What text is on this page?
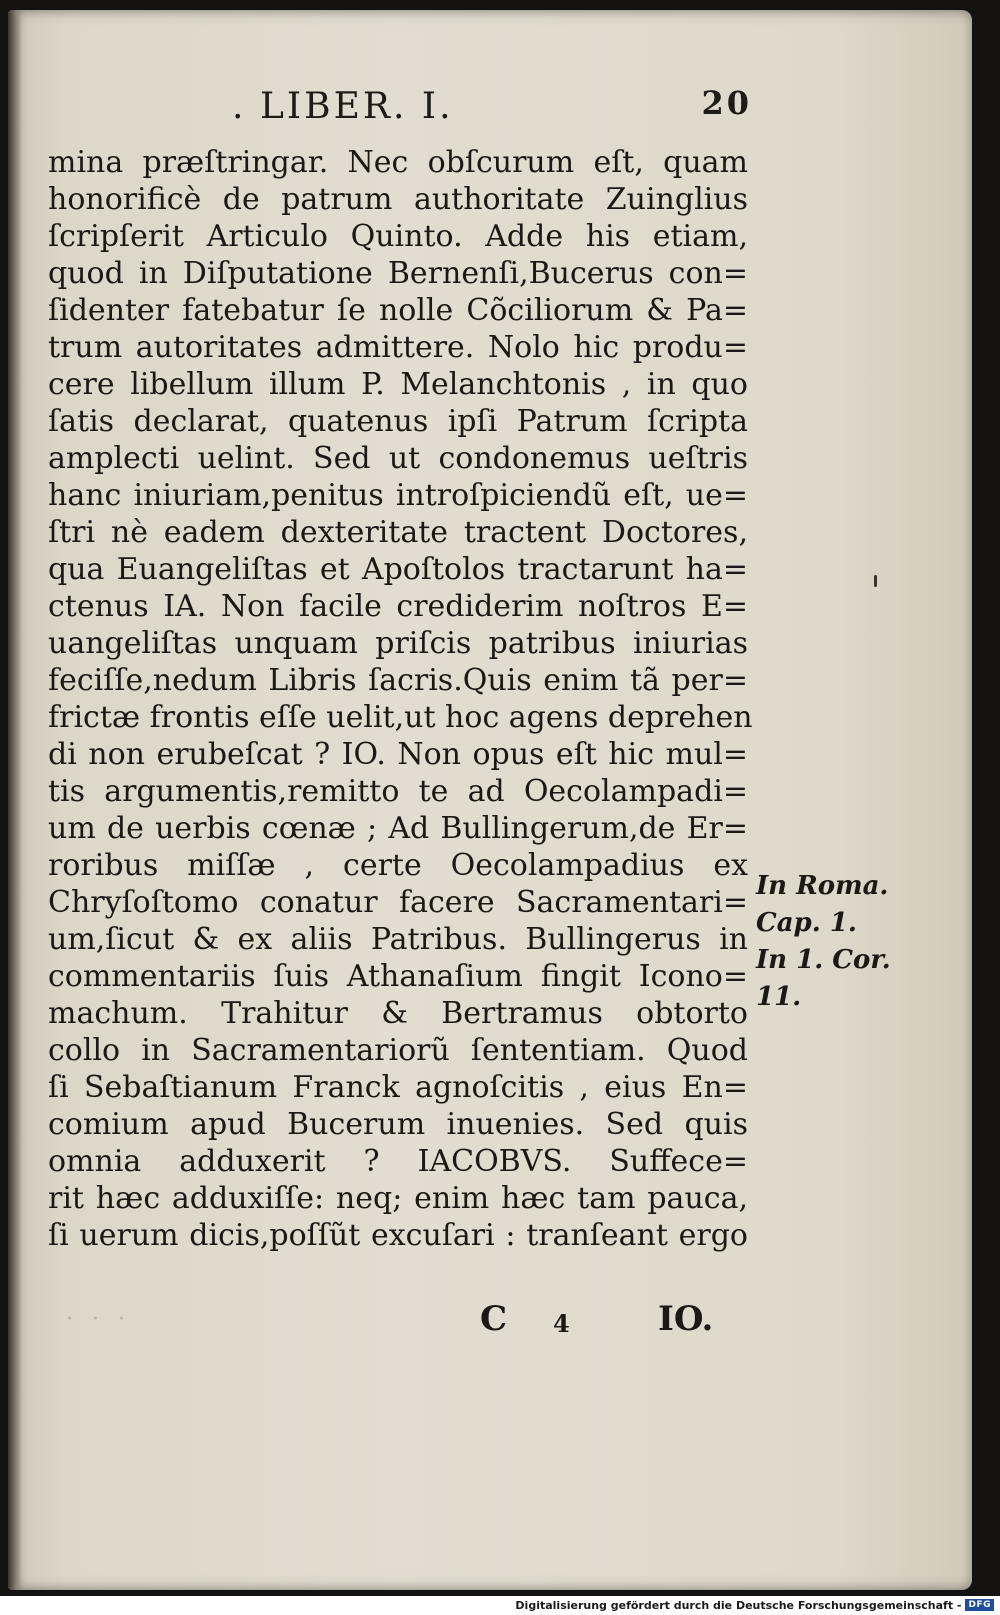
. LIBER. I.	20
mina præſtringar. Nec obſcurum eſt, quam
honorificè de patrum authoritate Zuinglius
ſcripſerit Articulo Quinto. Adde his etiam,
quod in Diſputatione Bernenſi,Bucerus con=
ſidenter fatebatur ſe nolle Cõciliorum & Pa=
trum autoritates admittere. Nolo hic produ=
cere libellum illum P. Melanchtonis , in quo
ſatis declarat, quatenus ipſi Patrum ſcripta
amplecti uelint. Sed ut condonemus ueſtris
hanc iniuriam,penitus introſpiciendũ eſt, ue=
ſtri nè eadem dexteritate tractent Doctores,
qua Euangeliſtas et Apoſtolos tractarunt ha=
ctenus IA. Non facile crediderim noſtros E=
uangeliſtas unquam priſcis patribus iniurias
feciſſe,nedum Libris ſacris.Quis enim tã per=
frictæ frontis eſſe uelit,ut hoc agens deprehen
di non erubeſcat ? IO. Non opus eſt hic mul=
tis argumentis,remitto te ad Oecolampadi=
um de uerbis cœnæ ; Ad Bullingerum,de Er=
roribus miſſæ , certe Oecolampadius ex
Chryſoſtomo conatur facere Sacramentari=
um,ſicut & ex aliis Patribus. Bullingerus in
commentariis ſuis Athanaſium fingit Icono=
machum. Trahitur & Bertramus obtorto
collo in Sacramentariorũ ſententiam. Quod
ſi Sebaſtianum Franck agnoſcitis , eius En=
comium apud Bucerum inuenies. Sed quis
omnia adduxerit ? IACOBVS. Suffece=
rit hæc adduxiſſe: neq; enim hæc tam pauca,
ſi uerum dicis,poſſũt excuſari : tranſeant ergo
· · ·	C 4	IO.
In Roma.
Cap. 1.
In 1. Cor.
11.
Digitalisierung gefördert durch die Deutsche Forschungsgemeinschaft - DFG
